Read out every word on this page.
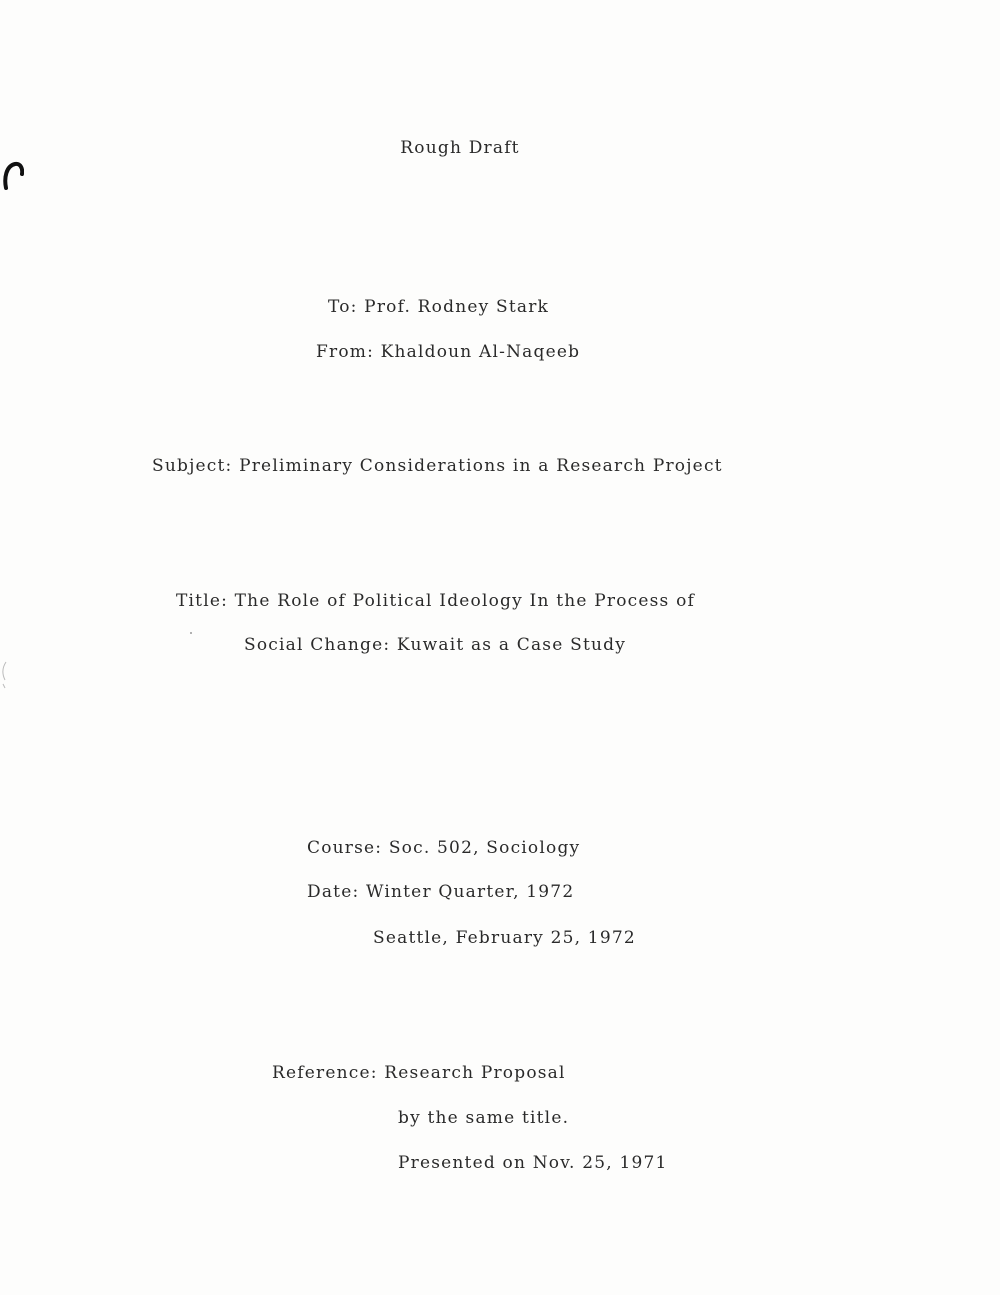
Rough Draft
To: Prof. Rodney Stark
From: Khaldoun Al-Naqeeb
Subject: Preliminary Considerations in a Research Project
Title: The Role of Political Ideology In the Process of
Social Change: Kuwait as a Case Study
Course: Soc. 502, Sociology
Date: Winter Quarter, 1972
Seattle, February 25, 1972
Reference: Research Proposal
by the same title.
Presented on Nov. 25, 1971
